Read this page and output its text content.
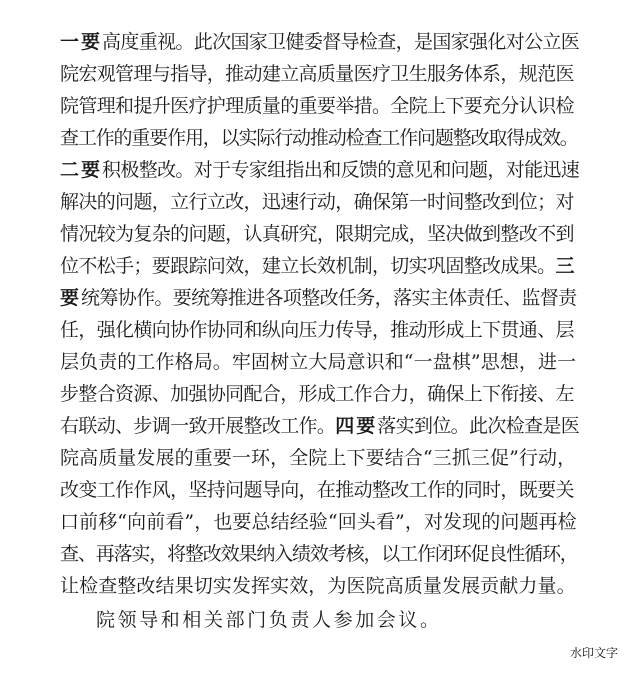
一要高度重视。此次国家卫健委督导检查，是国家强化对公立医
院宏观管理与指导，推动建立高质量医疗卫生服务体系，规范医
院管理和提升医疗护理质量的重要举措。全院上下要充分认识检
查工作的重要作用，以实际行动推动检查工作问题整改取得成效。
二要积极整改。对于专家组指出和反馈的意见和问题，对能迅速
解决的问题，立行立改，迅速行动，确保第一时间整改到位；对
情况较为复杂的问题，认真研究，限期完成，坚决做到整改不到
位不松手；要跟踪问效，建立长效机制，切实巩固整改成果。三
要统筹协作。要统筹推进各项整改任务，落实主体责任、监督责
任，强化横向协作协同和纵向压力传导，推动形成上下贯通、层
层负责的工作格局。牢固树立大局意识和“一盘棋”思想，进一
步整合资源、加强协同配合，形成工作合力，确保上下衔接、左
右联动、步调一致开展整改工作。四要落实到位。此次检查是医
院高质量发展的重要一环，全院上下要结合“三抓三促”行动，
改变工作作风，坚持问题导向，在推动整改工作的同时，既要关
口前移“向前看”，也要总结经验“回头看”，对发现的问题再检
查、再落实，将整改效果纳入绩效考核，以工作闭环促良性循环，
让检查整改结果切实发挥实效，为医院高质量发展贡献力量。
院领导和相关部门负责人参加会议。
水印文字
